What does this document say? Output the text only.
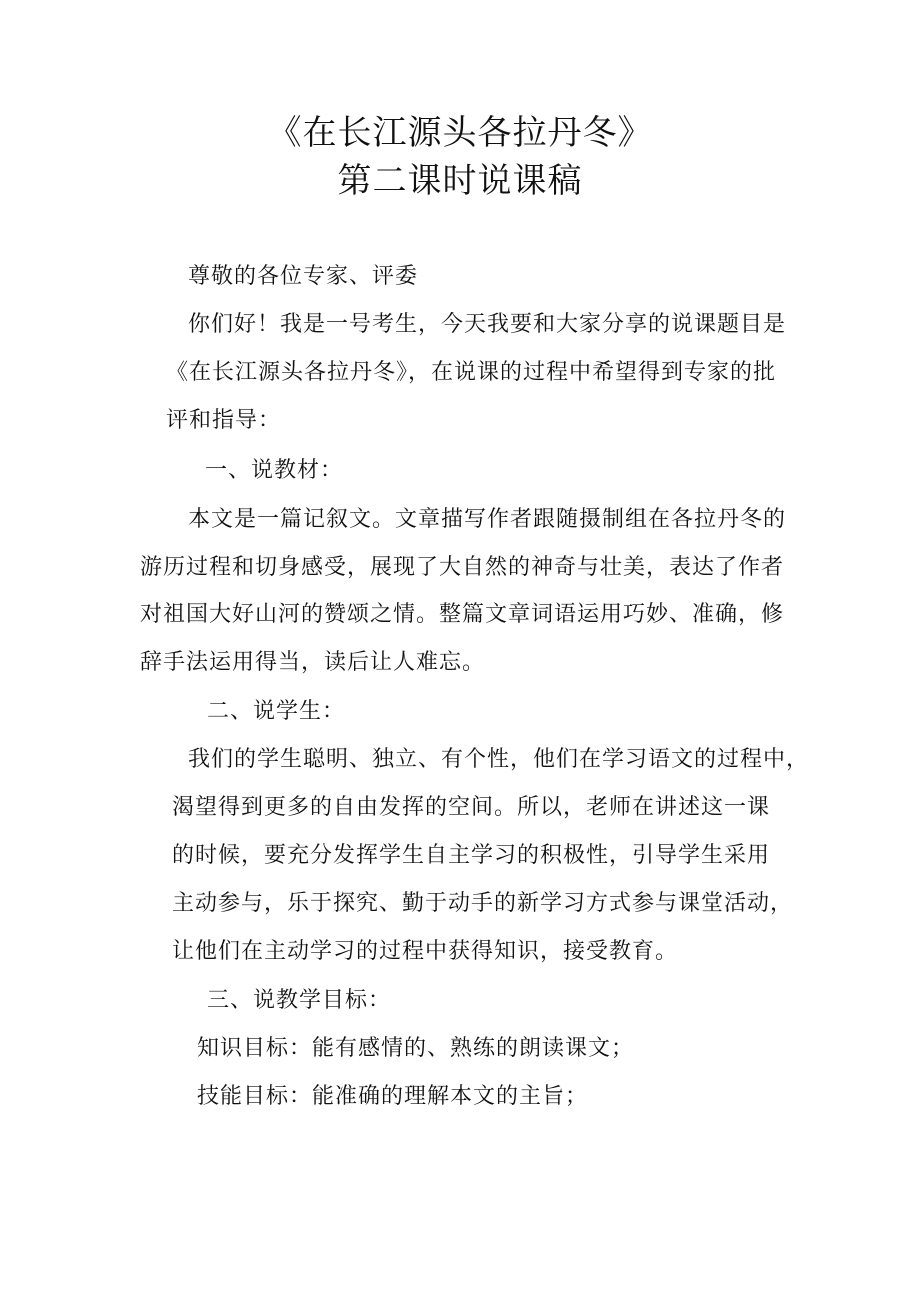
《在长江源头各拉丹冬》
第二课时说课稿
尊敬的各位专家、评委
你们好！我是一号考生，今天我要和大家分享的说课题目是
《在长江源头各拉丹冬》，在说课的过程中希望得到专家的批
评和指导：
一、说教材：
本文是一篇记叙文。文章描写作者跟随摄制组在各拉丹冬的
游历过程和切身感受，展现了大自然的神奇与壮美，表达了作者
对祖国大好山河的赞颂之情。整篇文章词语运用巧妙、准确，修
辞手法运用得当，读后让人难忘。
二、说学生：
我们的学生聪明、独立、有个性，他们在学习语文的过程中，
渴望得到更多的自由发挥的空间。所以，老师在讲述这一课
的时候，要充分发挥学生自主学习的积极性，引导学生采用
主动参与，乐于探究、勤于动手的新学习方式参与课堂活动，
让他们在主动学习的过程中获得知识，接受教育。
三、说教学目标：
知识目标：能有感情的、熟练的朗读课文；
技能目标：能准确的理解本文的主旨；
